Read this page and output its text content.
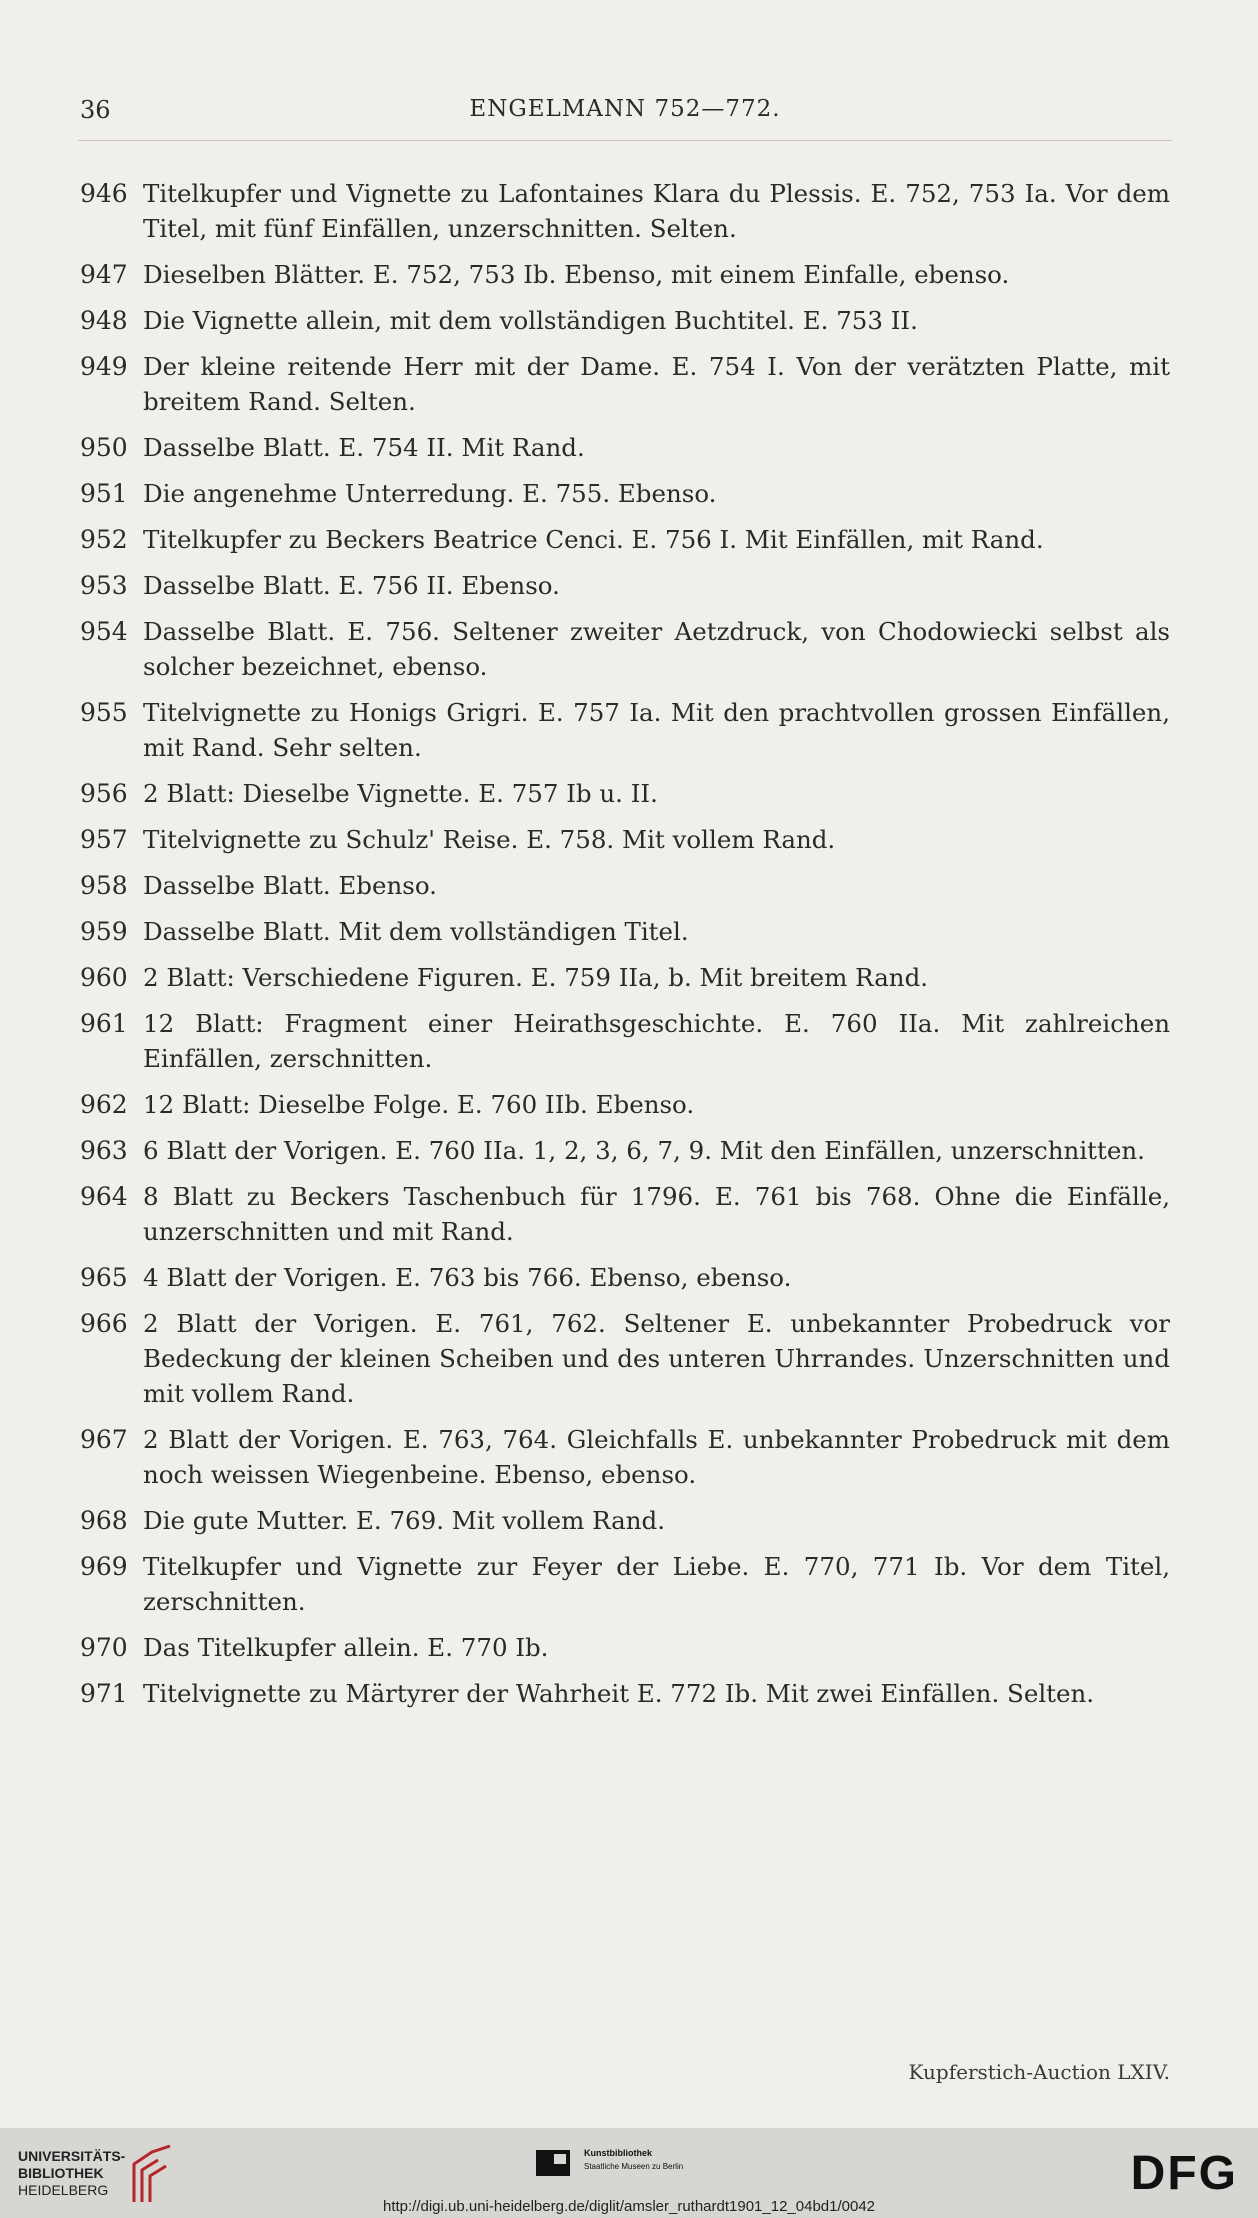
36	ENGELMANN 752—772.
946 Titelkupfer und Vignette zu Lafontaines Klara du Plessis. E. 752, 753 Ia. Vor dem Titel, mit fünf Einfällen, unzerschnitten. Selten.
947 Dieselben Blätter. E. 752, 753 Ib. Ebenso, mit einem Einfalle, ebenso.
948 Die Vignette allein, mit dem vollständigen Buchtitel. E. 753 II.
949 Der kleine reitende Herr mit der Dame. E. 754 I. Von der verätzten Platte, mit breitem Rand. Selten.
950 Dasselbe Blatt. E. 754 II. Mit Rand.
951 Die angenehme Unterredung. E. 755. Ebenso.
952 Titelkupfer zu Beckers Beatrice Cenci. E. 756 I. Mit Einfällen, mit Rand.
953 Dasselbe Blatt. E. 756 II. Ebenso.
954 Dasselbe Blatt. E. 756. Seltener zweiter Aetzdruck, von Chodowiecki selbst als solcher bezeichnet, ebenso.
955 Titelvignette zu Honigs Grigri. E. 757 Ia. Mit den prachtvollen grossen Einfällen, mit Rand. Sehr selten.
956 2 Blatt: Dieselbe Vignette. E. 757 Ib u. II.
957 Titelvignette zu Schulz' Reise. E. 758. Mit vollem Rand.
958 Dasselbe Blatt. Ebenso.
959 Dasselbe Blatt. Mit dem vollständigen Titel.
960 2 Blatt: Verschiedene Figuren. E. 759 IIa, b. Mit breitem Rand.
961 12 Blatt: Fragment einer Heirathsgeschichte. E. 760 IIa. Mit zahlreichen Einfällen, zerschnitten.
962 12 Blatt: Dieselbe Folge. E. 760 IIb. Ebenso.
963 6 Blatt der Vorigen. E. 760 IIa. 1, 2, 3, 6, 7, 9. Mit den Einfällen, unzerschnitten.
964 8 Blatt zu Beckers Taschenbuch für 1796. E. 761 bis 768. Ohne die Einfälle, unzerschnitten und mit Rand.
965 4 Blatt der Vorigen. E. 763 bis 766. Ebenso, ebenso.
966 2 Blatt der Vorigen. E. 761, 762. Seltener E. unbekannter Probedruck vor Bedeckung der kleinen Scheiben und des unteren Uhrrandes. Unzerschnitten und mit vollem Rand.
967 2 Blatt der Vorigen. E. 763, 764. Gleichfalls E. unbekannter Probedruck mit dem noch weissen Wiegenbeine. Ebenso, ebenso.
968 Die gute Mutter. E. 769. Mit vollem Rand.
969 Titelkupfer und Vignette zur Feyer der Liebe. E. 770, 771 Ib. Vor dem Titel, zerschnitten.
970 Das Titelkupfer allein. E. 770 Ib.
971 Titelvignette zu Märtyrer der Wahrheit E. 772 Ib. Mit zwei Einfällen. Selten.
Kupferstich-Auction LXIV.
UNIVERSITÄTS-
BIBLIOTHEK
HEIDELBERG
Kunstbibliothek
Staatliche Museen zu Berlin	DFG
http://digi.ub.uni-heidelberg.de/diglit/amsler_ruthardt1901_12_04bd1/0042
